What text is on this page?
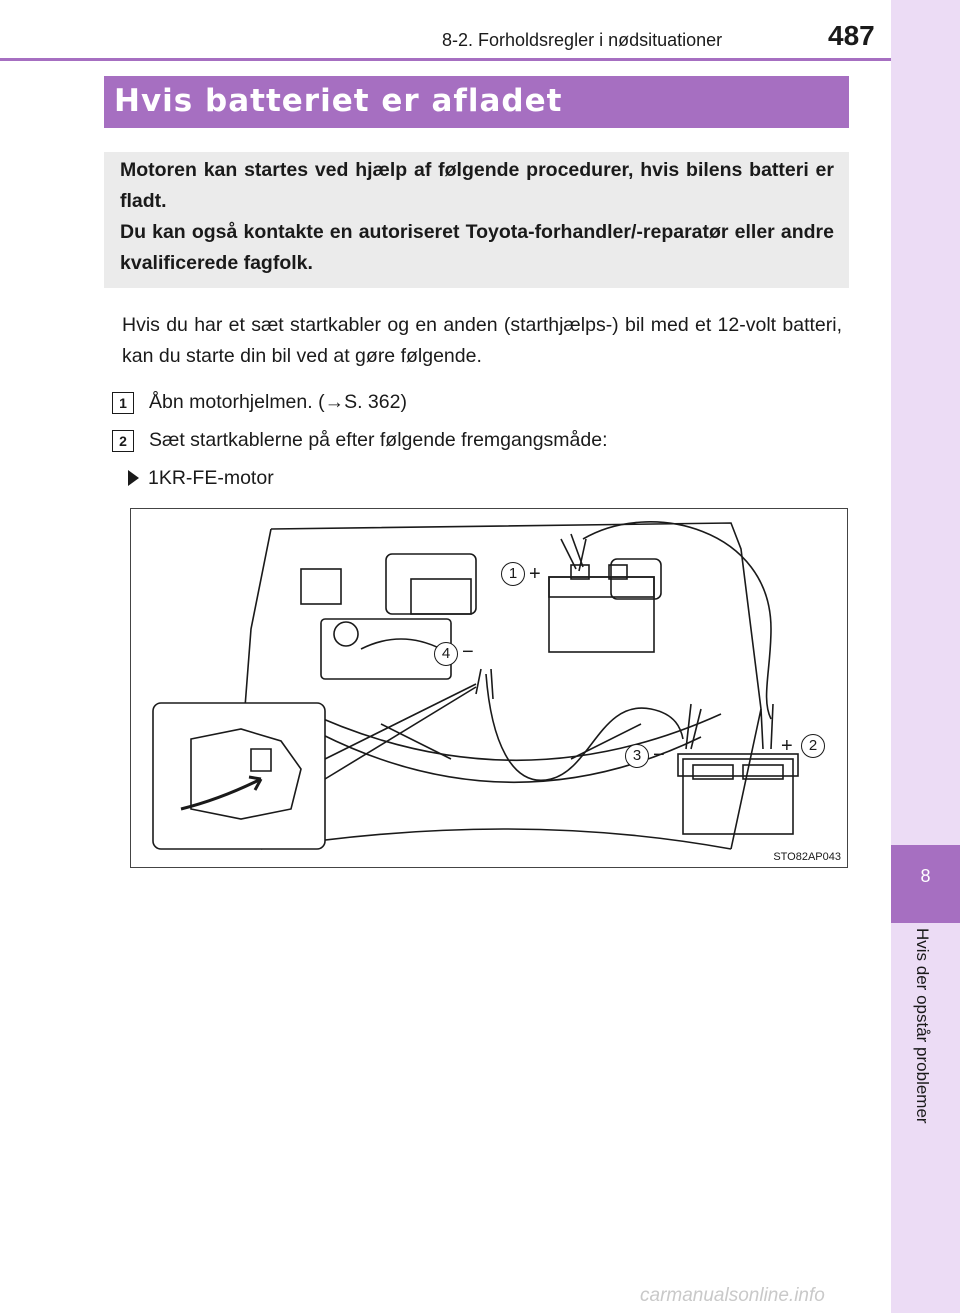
8-2. Forholdsregler i nødsituationer	487
8
Hvis der opstår problemer
Hvis batteriet er afladet
Motoren kan startes ved hjælp af følgende procedurer, hvis bilens batteri er fladt.
Du kan også kontakte en autoriseret Toyota-forhandler/-reparatør eller andre kvalificerede fagfolk.
Hvis du har et sæt startkabler og en anden (starthjælps-) bil med et 12-volt batteri, kan du starte din bil ved at gøre følgende.
1	Åbn motorhjelmen. (→S. 362)
2	Sæt startkablerne på efter følgende fremgangsmåde:
1KR-FE-motor
1 +
2
+
3 −
4 −
STO82AP043
carmanualsonline.info
